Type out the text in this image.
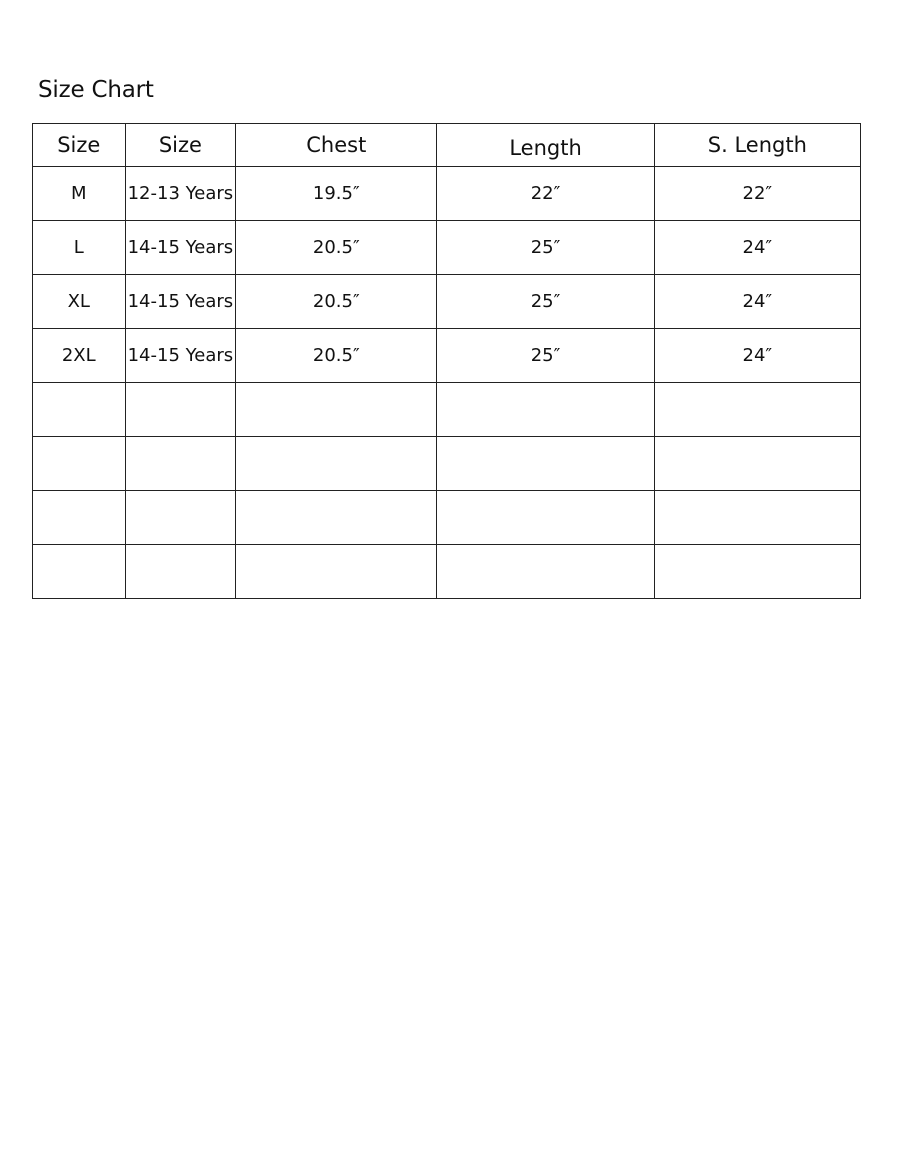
Size Chart
Size	Size	Chest	Length	S. Length
M	12-13 Years	19.5″	22″	22″
L	14-15 Years	20.5″	25″	24″
XL	14-15 Years	20.5″	25″	24″
2XL	14-15 Years	20.5″	25″	24″
